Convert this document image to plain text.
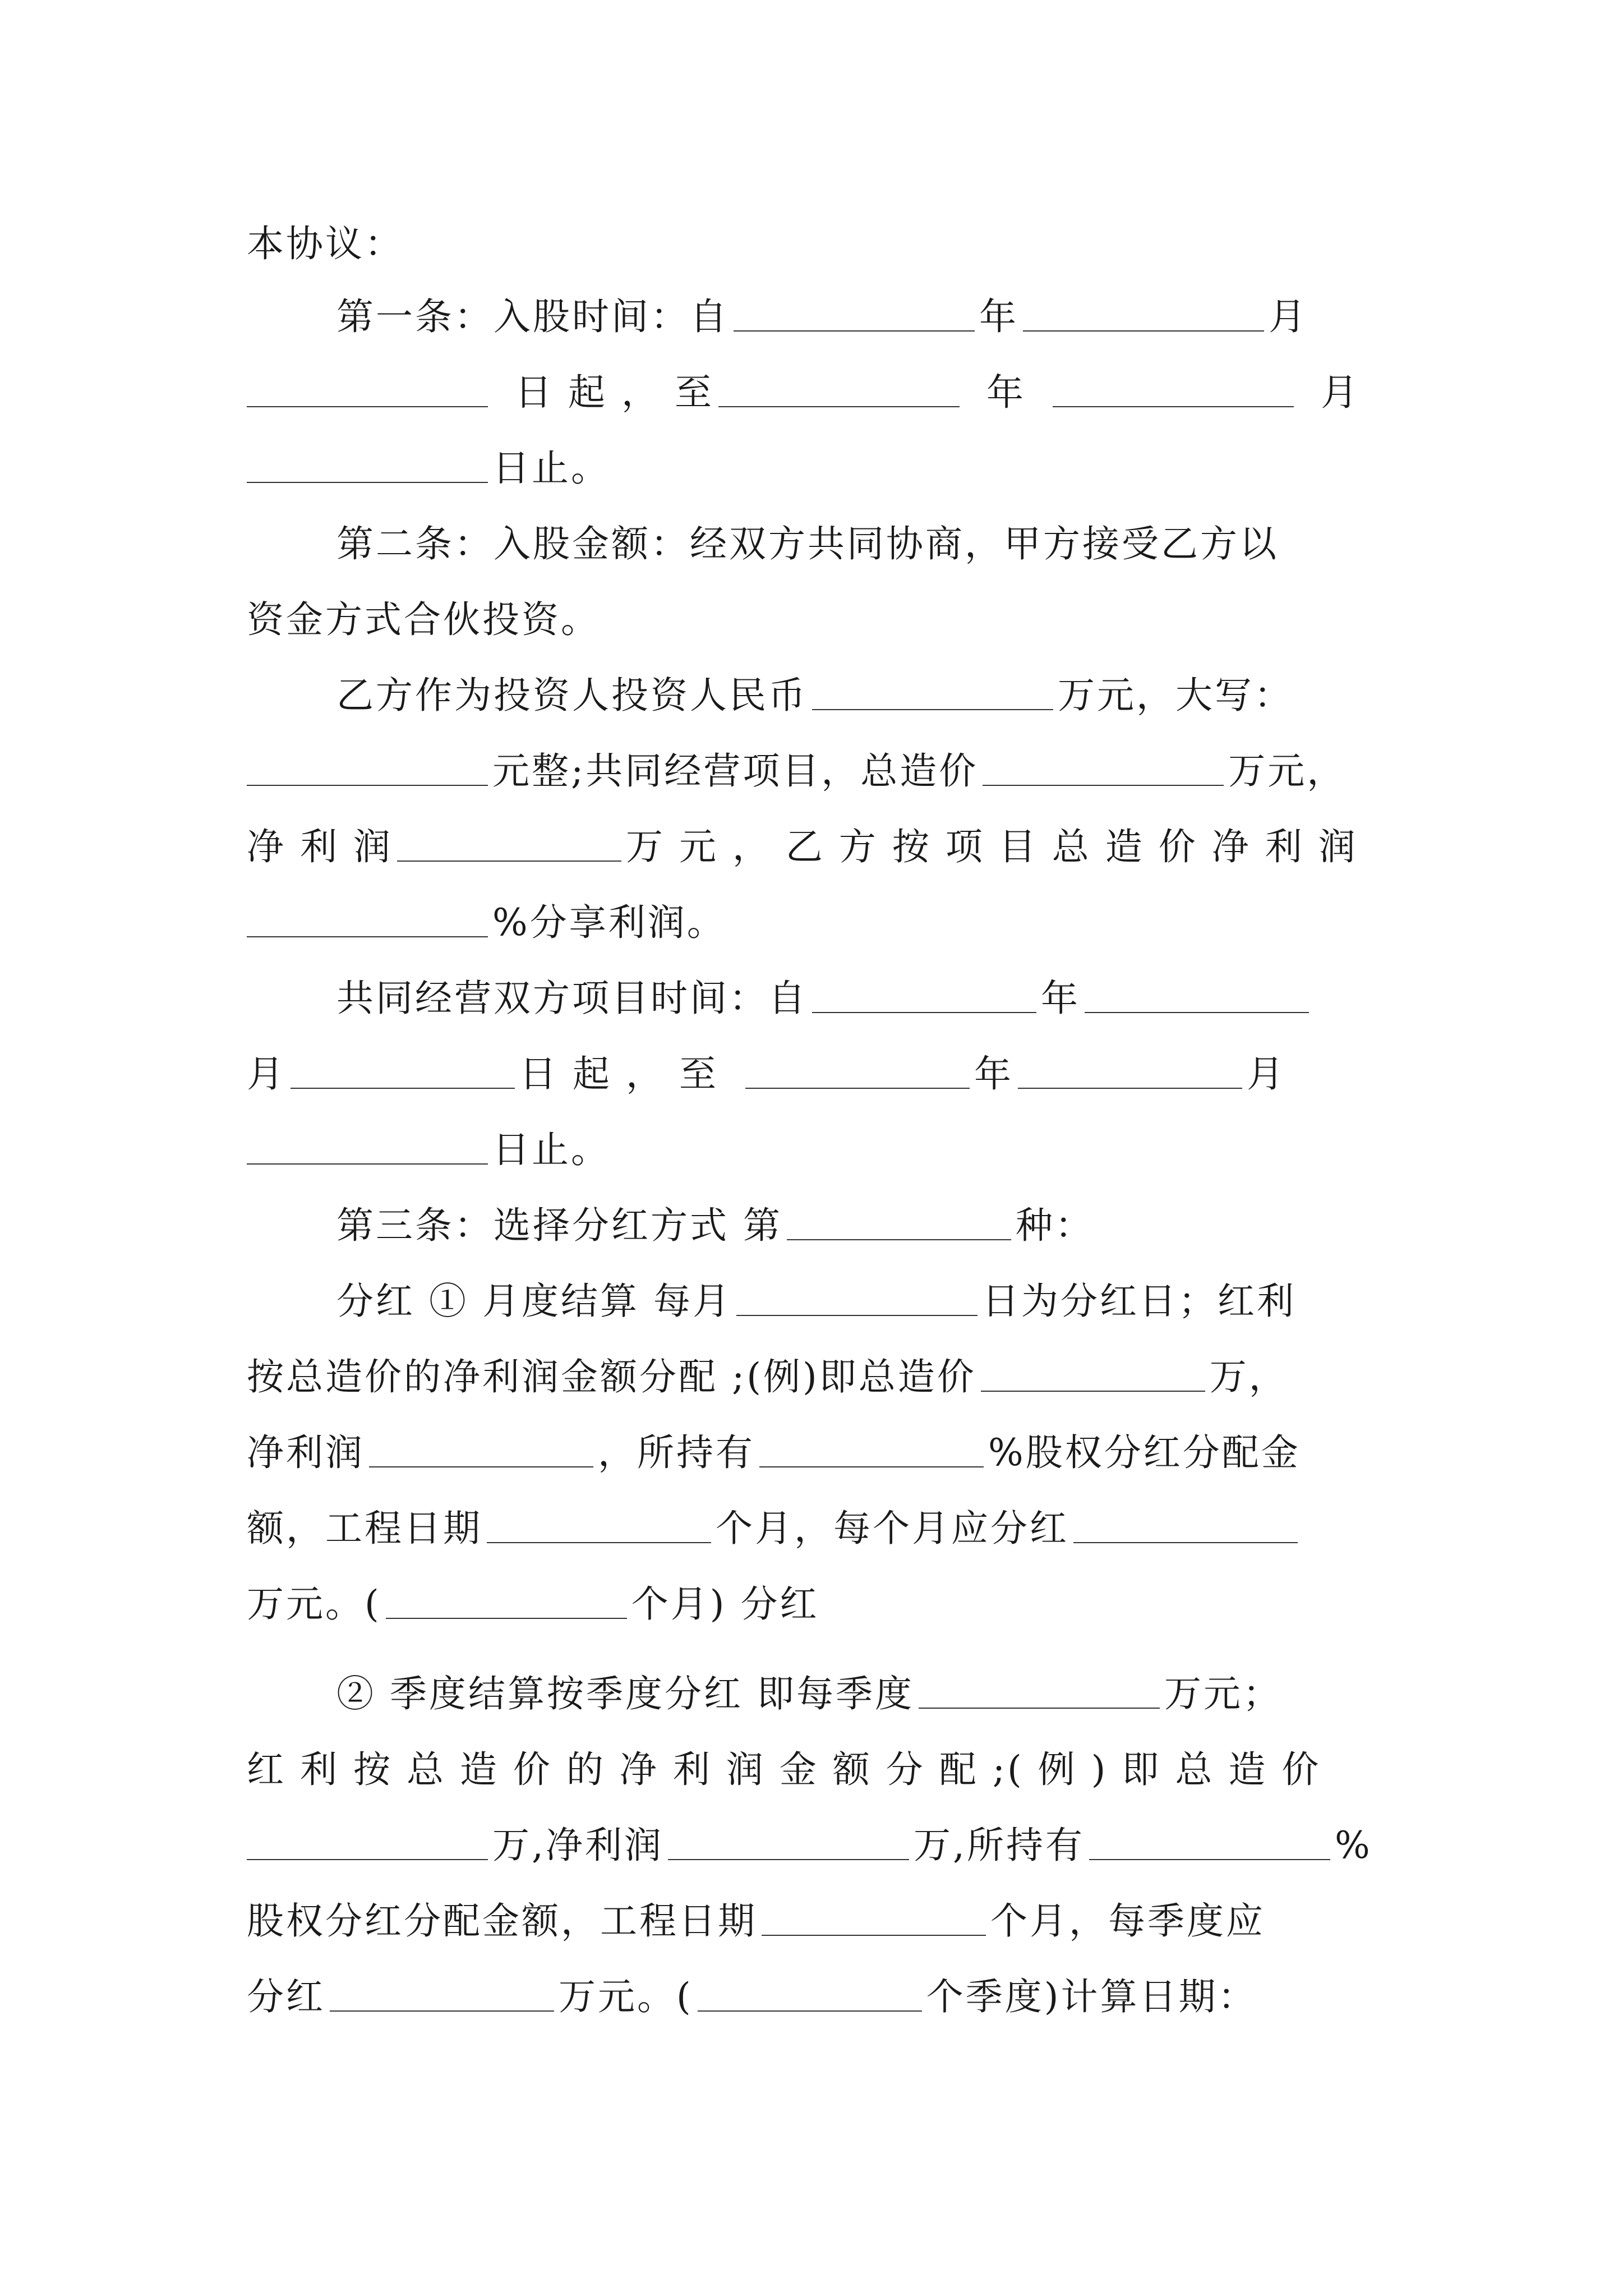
本协议：
第一条：入股时间：自	年	月
日 起 ， 至	年	月
日止。
第二条：入股金额：经双方共同协商，甲方接受乙方以
资金方式合伙投资。
乙方作为投资人投资人民币	万元，大写：
元整;共同经营项目，总造价	万元，
净 利 润	万 元 ， 乙 方 按 项 目 总 造 价 净 利 润
%分享利润。
共同经营双方项目时间：自	年
月	日 起 ， 至	年	月
日止。
第三条：选择分红方式 第	种：
分红 ① 月度结算 每月	日为分红日；红利
按总造价的净利润金额分配 ;(例)即总造价	万，
净利润	，所持有	%股权分红分配金
额，工程日期	个月，每个月应分红
万元。(	个月) 分红
② 季度结算按季度分红 即每季度	万元；
红 利 按 总 造 价 的 净 利 润 金 额 分 配 ;( 例 ) 即 总 造 价
万,净利润	万,所持有	%
股权分红分配金额，工程日期	个月，每季度应
分红	万元。(	个季度)计算日期：
